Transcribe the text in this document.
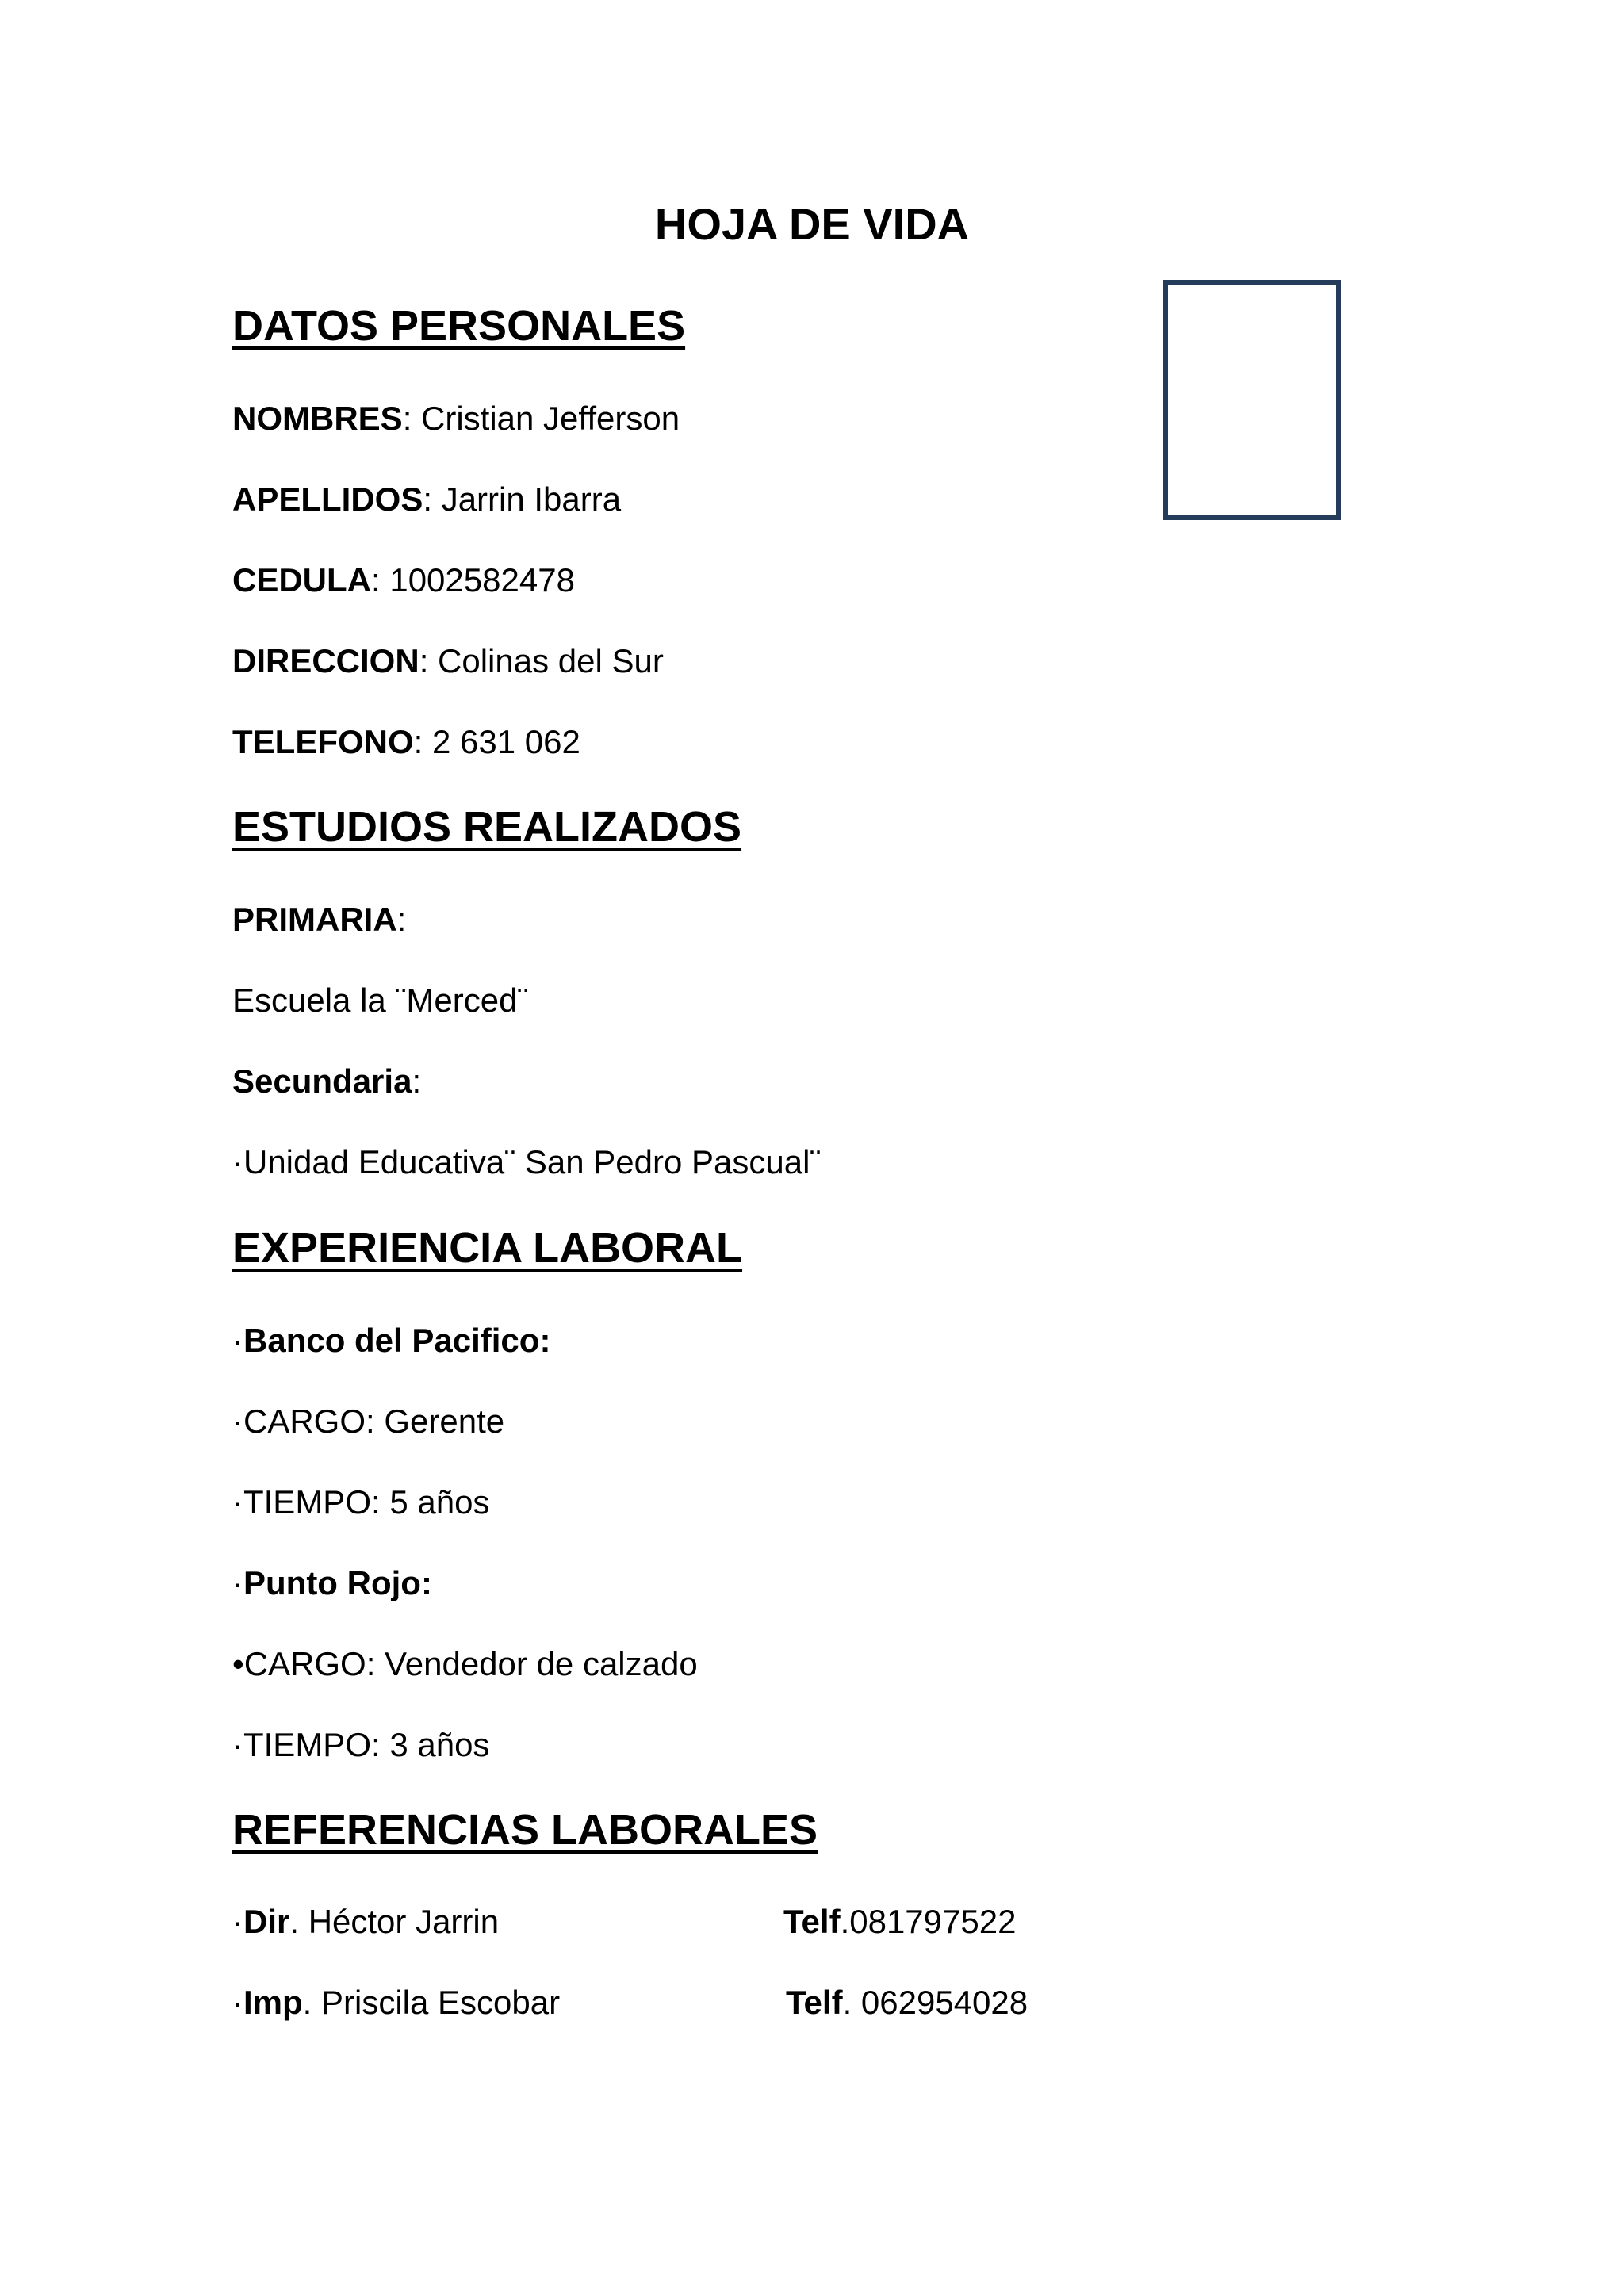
HOJA DE VIDA
DATOS PERSONALES

NOMBRES: Cristian Jefferson

APELLIDOS: Jarrin Ibarra

CEDULA: 1002582478

DIRECCION: Colinas del Sur

TELEFONO: 2 631 062

ESTUDIOS REALIZADOS

PRIMARIA:

Escuela la ¨Merced¨

Secundaria:

·Unidad Educativa¨ San Pedro Pascual¨

EXPERIENCIA LABORAL

·Banco del Pacifico:

·CARGO: Gerente

·TIEMPO: 5 años

·Punto Rojo:

•CARGO: Vendedor de calzado

·TIEMPO: 3 años

REFERENCIAS LABORALES

·Dir. Héctor Jarrin	Telf.081797522

·Imp. Priscila Escobar	Telf. 062954028
